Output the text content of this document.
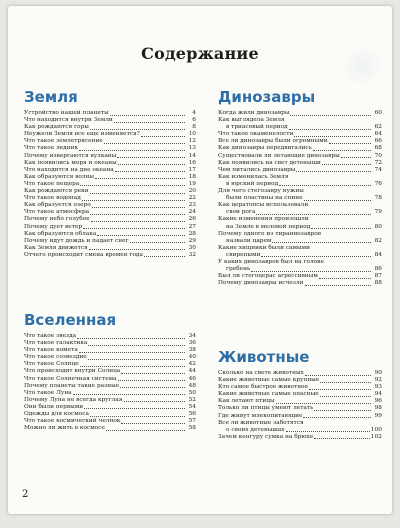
Содержание
Земля
Устройство нашей планеты	4
Что находится внутри Земли	6
Как рождаются горы	8
Неужели Земля все еще изменяется?	10
Что такое землетрясение	12
Что такое ледник	13
Почему извергаются вулканы	14
Как появились моря и океаны	16
Что находится на дне океана	17
Как образуются волны	18
Что такое пещера	19
Как рождаются реки	20
Что такое водопад	22
Как образуется озеро	23
Что такое атмосфера	24
Почему небо голубое	26
Почему дует ветер	27
Как образуются облака	28
Почему идут дождь и падает снег	29
Как Земля движется	30
Отчего происходит смена времен года	32
Вселенная
Что такое звезда	34
Что такое галактика	36
Что такое комета	38
Что такое созвездие	40
Что такое Солнце	42
Что происходит внутри Солнца	44
Что такое Солнечная система	46
Почему планеты такие разные	48
Что такое Луна	50
Почему Луна не всегда круглая	52
Они были первыми	54
Одежды для космоса	56
Что такое космический челнок	57
Можно ли жить в космосе	58
Динозавры
Когда жили динозавры	60
Как выглядела Земля
в триасовый период	62
Что такое окаменелости	64
Все ли динозавры были огромными	66
Как динозавры передвигались	68
Существовали ли летающие динозавры	70
Как появились на свет детеныши	72
Чем питались динозавры	74
Как изменилась Земля
в юрский период	76
Для чего стегозавру нужны
были пластины на спине	78
Как цератопсы использовали
свои рога	79
Какие изменения произошли
на Земле в меловой период	80
Почему одного из тираннозавров
назвали царем	82
Какие хищники были самыми
свирепыми	84
У каких динозавров был на голове
гребень	86
Был ли стегоцерас агрессивным	87
Почему динозавры исчезли	88
Животные
Сколько на свете животных	90
Какие животные самые крупные	92
Кто самое быстрое животное	93
Какие животные самые опасные	94
Как летают птицы	96
Только ли птицы умеют летать	98
Где живут млекопитающие	99
Все ли животные заботятся
о своих детенышах	100
Зачем кенгуру сумка на брюхе	102
2
